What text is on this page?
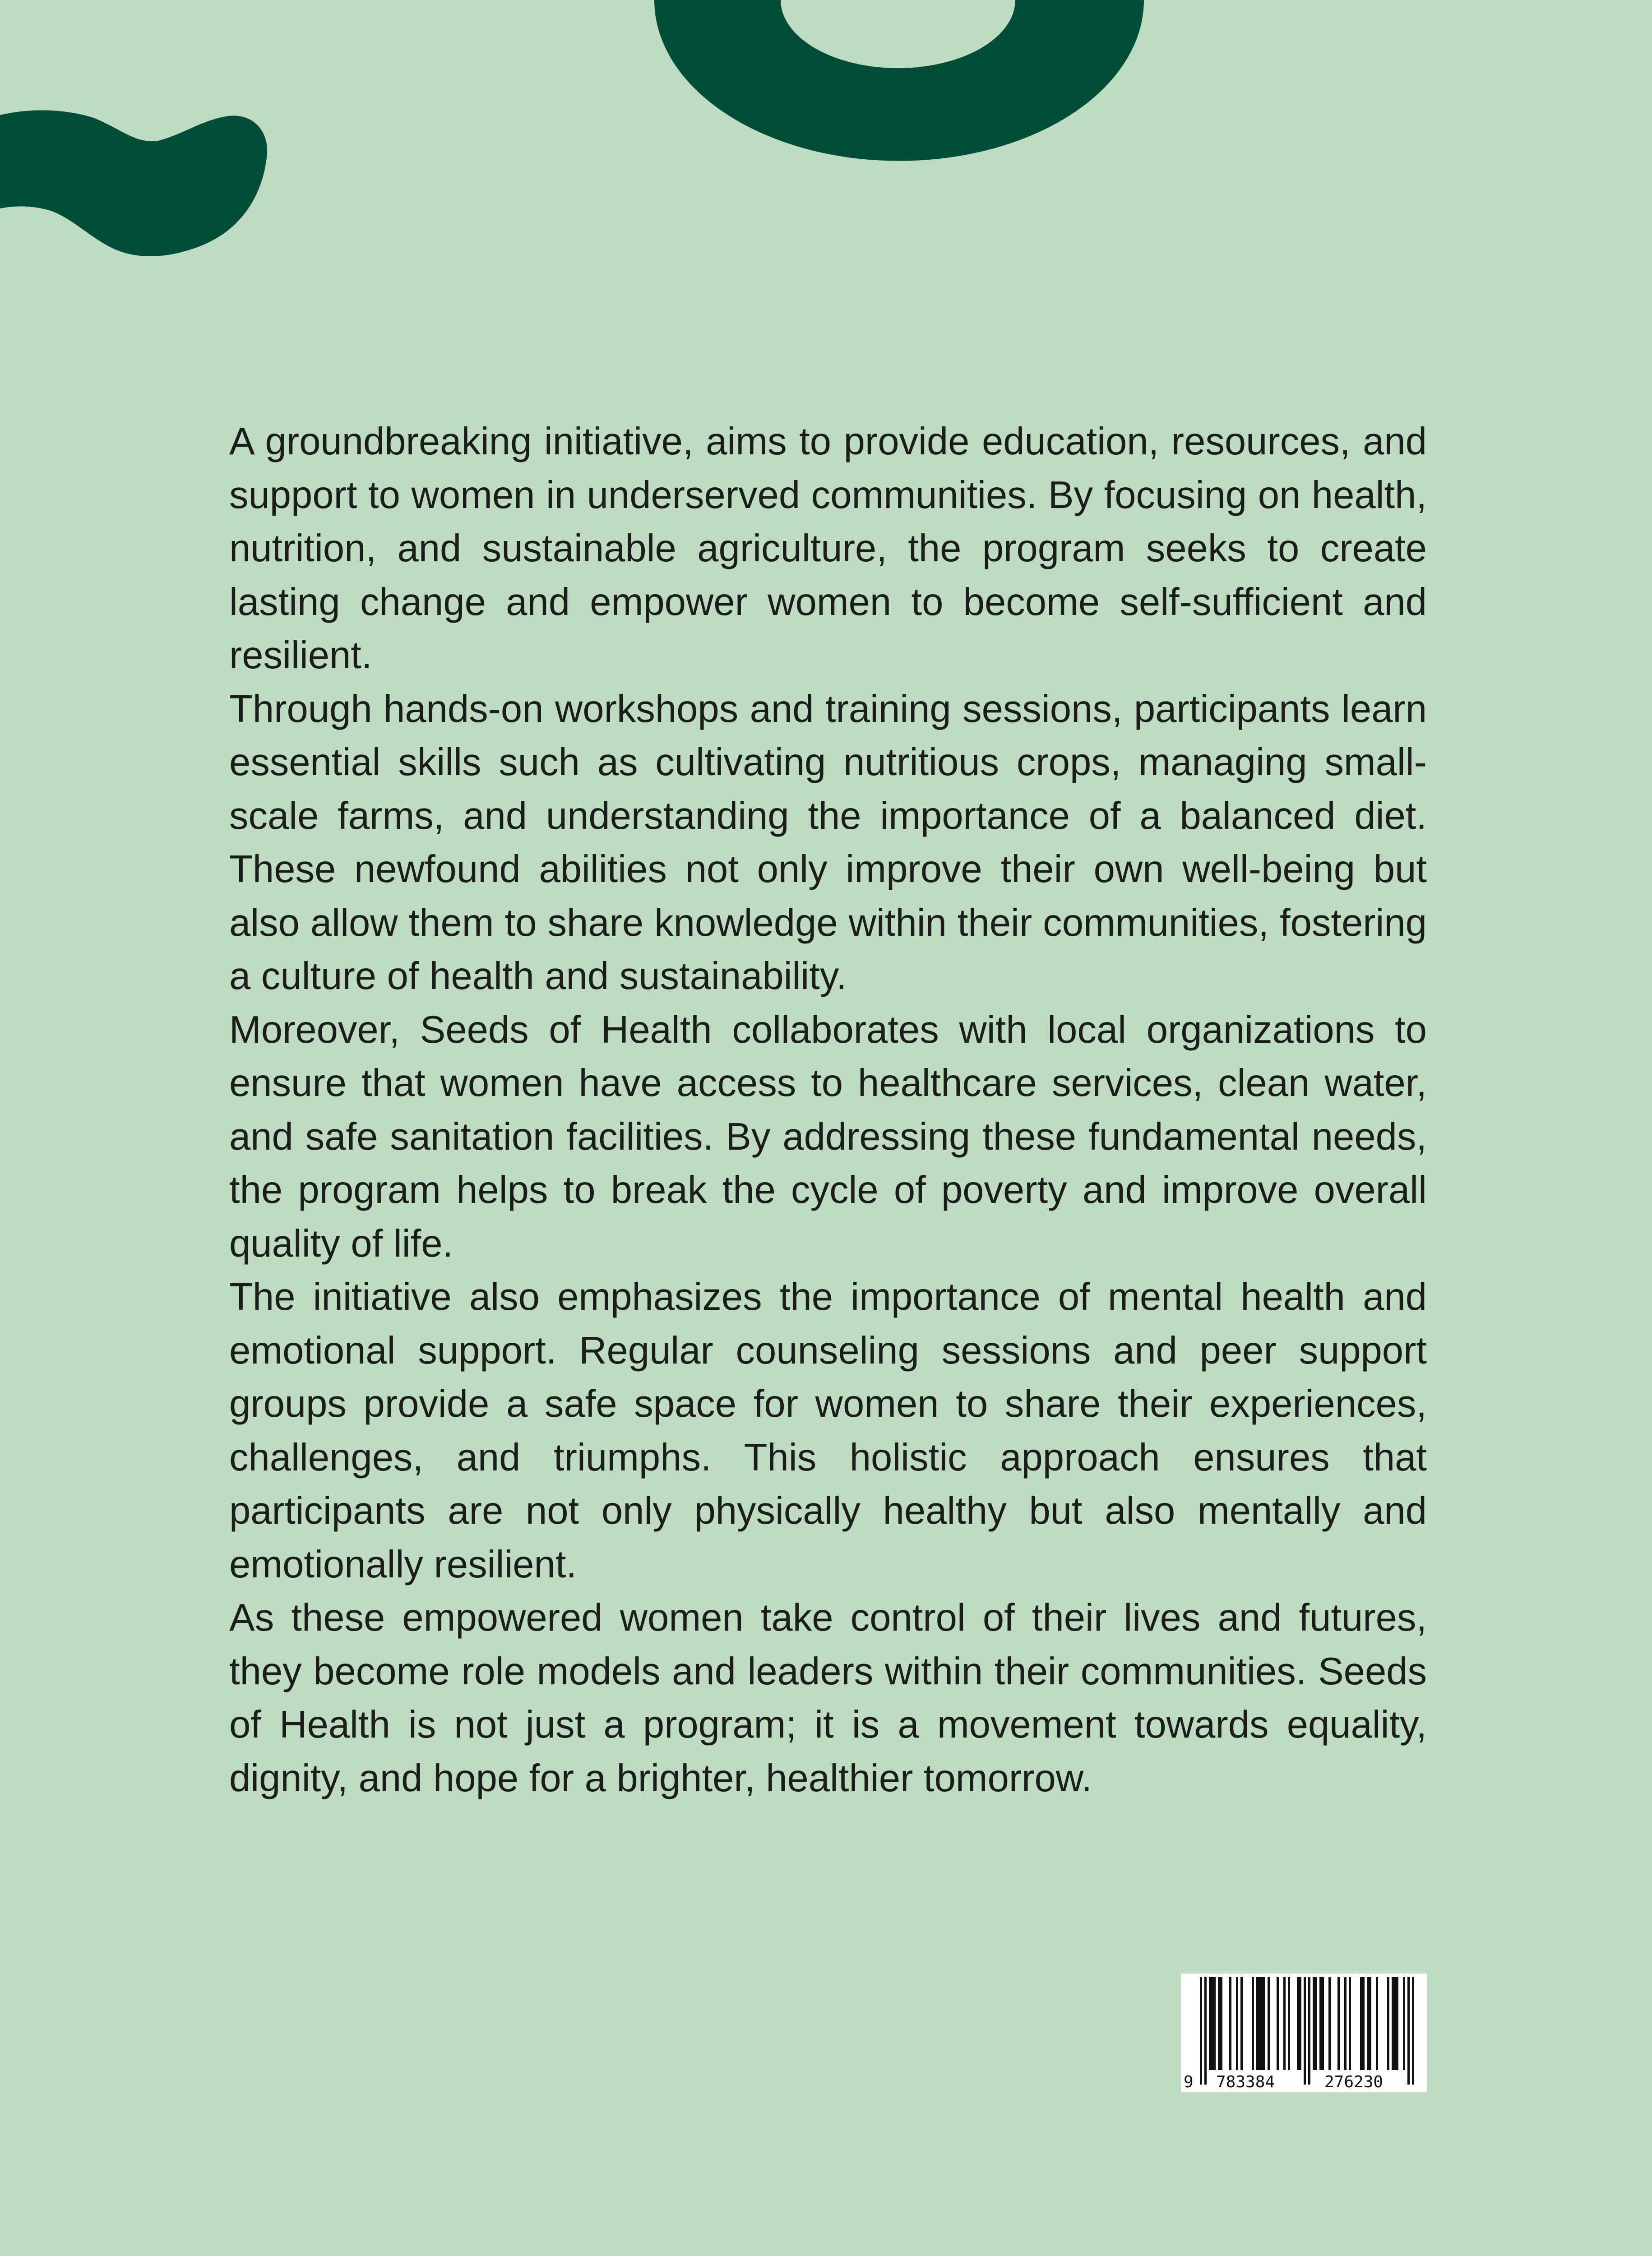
A groundbreaking initiative, aims to provide education, resources, and support to women in underserved communities. By focusing on health, nutrition, and sustainable agriculture, the program seeks to create lasting change and empower women to become self-sufficient and resilient.

Through hands-on workshops and training sessions, participants learn essential skills such as cultivating nutritious crops, managing small-scale farms, and understanding the importance of a balanced diet. These newfound abilities not only improve their own well-being but also allow them to share knowledge within their communities, fostering a culture of health and sustainability.

Moreover, Seeds of Health collaborates with local organizations to ensure that women have access to healthcare services, clean water, and safe sanitation facilities. By addressing these fundamental needs, the program helps to break the cycle of poverty and improve overall quality of life.

The initiative also emphasizes the importance of mental health and emotional support. Regular counseling sessions and peer support groups provide a safe space for women to share their experiences, challenges, and triumphs. This holistic approach ensures that participants are not only physically healthy but also mentally and emotionally resilient.

As these empowered women take control of their lives and futures, they become role models and leaders within their communities. Seeds of Health is not just a program; it is a movement towards equality, dignity, and hope for a brighter, healthier tomorrow.

9 783384	276230
